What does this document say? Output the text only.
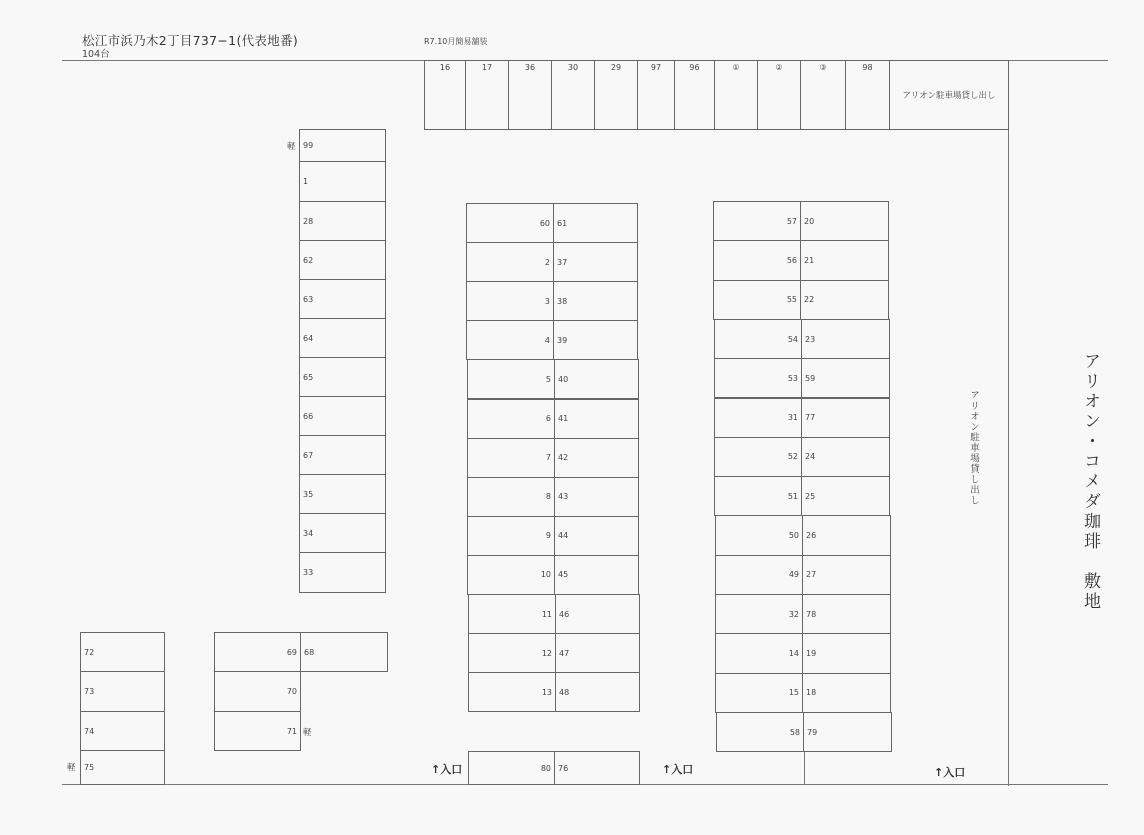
松江市浜乃木2丁目737−1(代表地番)
104台
R7.10月簡易舗装
16	17	36	30	29	97	96	①	②	③	98
アリオン駐車場貸し出し
軽 99
1
28
62
63
64
65
66
67
35
34
33
60 61
2 37
3 38
4 39
5 40
6 41
7 42
8 43
9 44
10 45
11 46
12 47
13 48
57 20
56 21
55 22
54 23
53 59
31 77
52 24
51 25
50 26
49 27
32 78
14 19
15 18
58 79
80 76
72
73
74
75
軽
69 68
70
71 軽
↑入口	↑入口	↑入口
アリオン駐車場貸し出し	アリオン・コメダ珈琲　敷地
